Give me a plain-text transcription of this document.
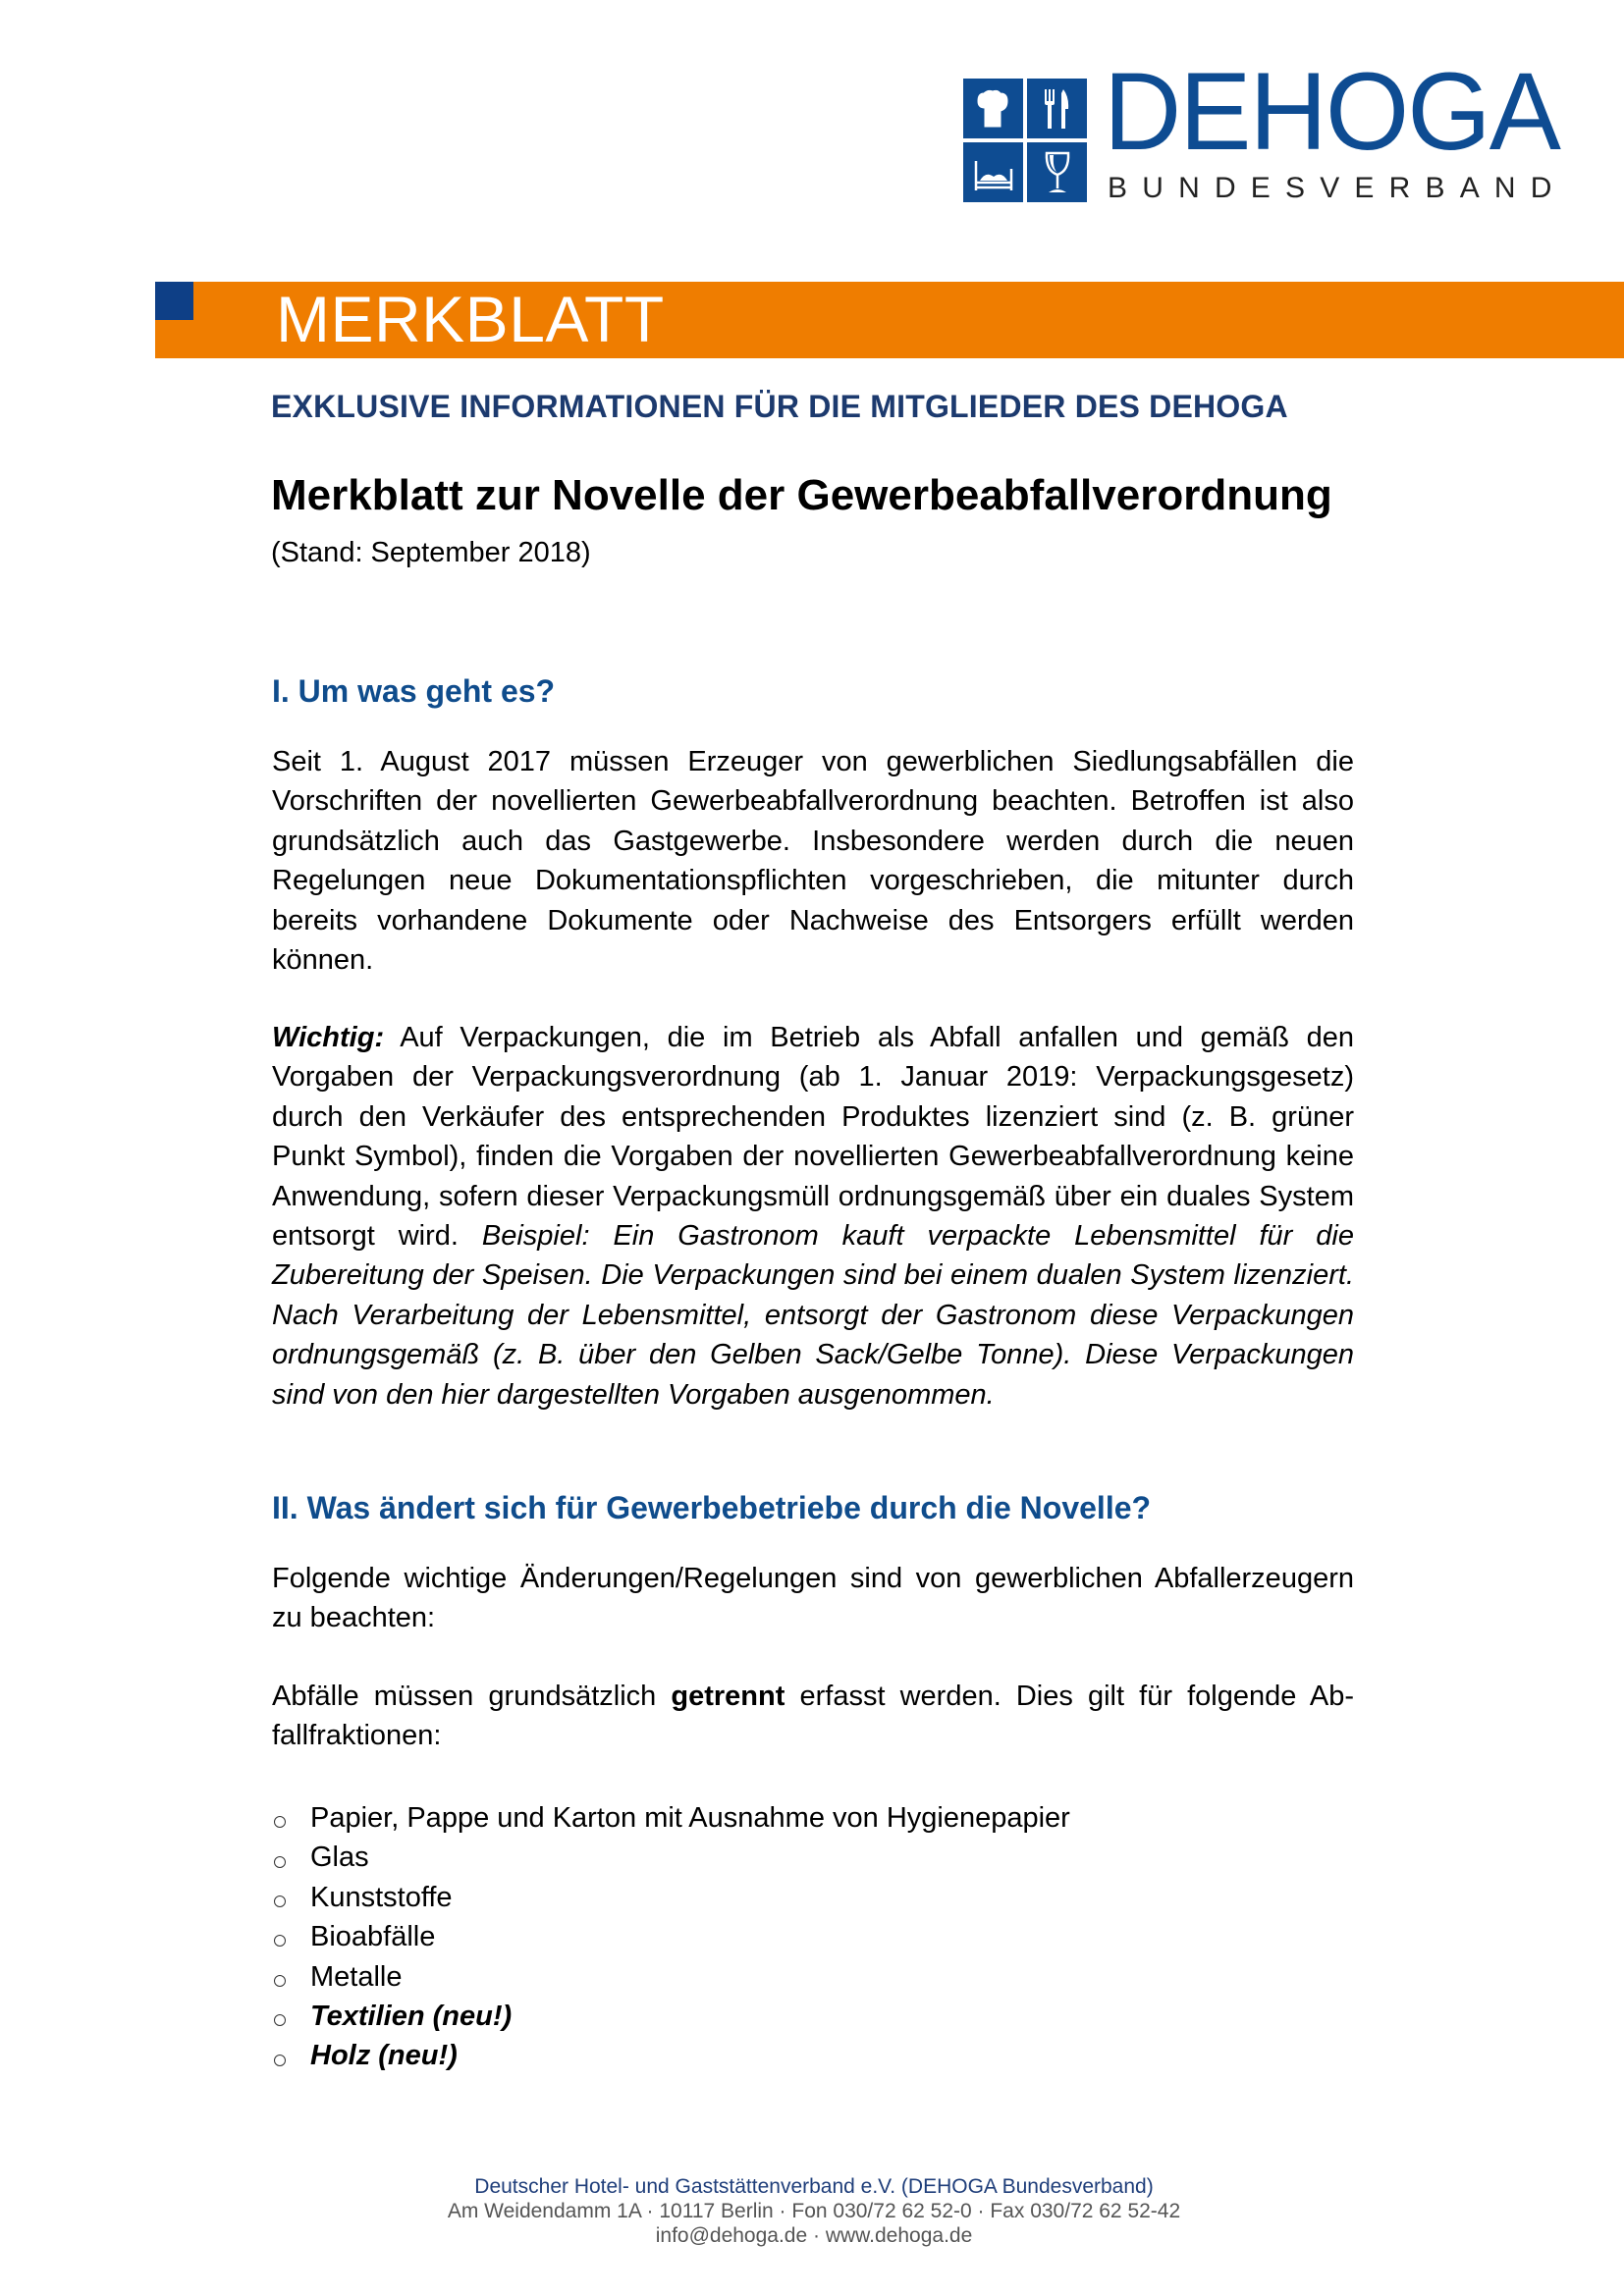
DEHOGA
BUNDESVERBAND
MERKBLATT
EXKLUSIVE INFORMATIONEN FÜR DIE MITGLIEDER DES DEHOGA
Merkblatt zur Novelle der Gewerbeabfallverordnung
(Stand: September 2018)
I. Um was geht es?

Seit 1. August 2017 müssen Erzeuger von gewerblichen Siedlungsabfällen die Vorschriften der novellierten Gewerbeabfallverordnung beachten. Betroffen ist also grundsätzlich auch das Gastgewerbe. Insbesondere werden durch die neuen Regelungen neue Dokumentationspflichten vorgeschrieben, die mitunter durch bereits vorhandene Dokumente oder Nachweise des Entsorgers erfüllt werden können.

Wichtig: Auf Verpackungen, die im Betrieb als Abfall anfallen und gemäß den Vorgaben der Verpackungsverordnung (ab 1. Januar 2019: Verpackungsgesetz) durch den Verkäufer des entsprechenden Produktes lizenziert sind (z. B. grüner Punkt Symbol), finden die Vorgaben der novellierten Gewerbeabfallverordnung keine Anwendung, sofern dieser Verpackungsmüll ordnungsgemäß über ein duales System entsorgt wird. Beispiel: Ein Gastronom kauft verpackte Lebensmittel für die Zubereitung der Speisen. Die Verpackungen sind bei einem dualen System lizenziert. Nach Verarbeitung der Lebensmittel, entsorgt der Gastronom diese Verpackungen ordnungsgemäß (z. B. über den Gelben Sack/Gelbe Tonne). Diese Verpackungen sind von den hier dargestellten Vorgaben ausgenommen.

II. Was ändert sich für Gewerbebetriebe durch die Novelle?

Folgende wichtige Änderungen/Regelungen sind von gewerblichen Abfallerzeugern zu beachten:

Abfälle müssen grundsätzlich getrennt erfasst werden. Dies gilt für folgende Abfallfraktionen:

Papier, Pappe und Karton mit Ausnahme von Hygienepapier
Glas
Kunststoffe
Bioabfälle
Metalle
Textilien (neu!)
Holz (neu!)
Deutscher Hotel- und Gaststättenverband e.V. (DEHOGA Bundesverband)
Am Weidendamm 1A · 10117 Berlin · Fon 030/72 62 52-0 · Fax 030/72 62 52-42
info@dehoga.de · www.dehoga.de
